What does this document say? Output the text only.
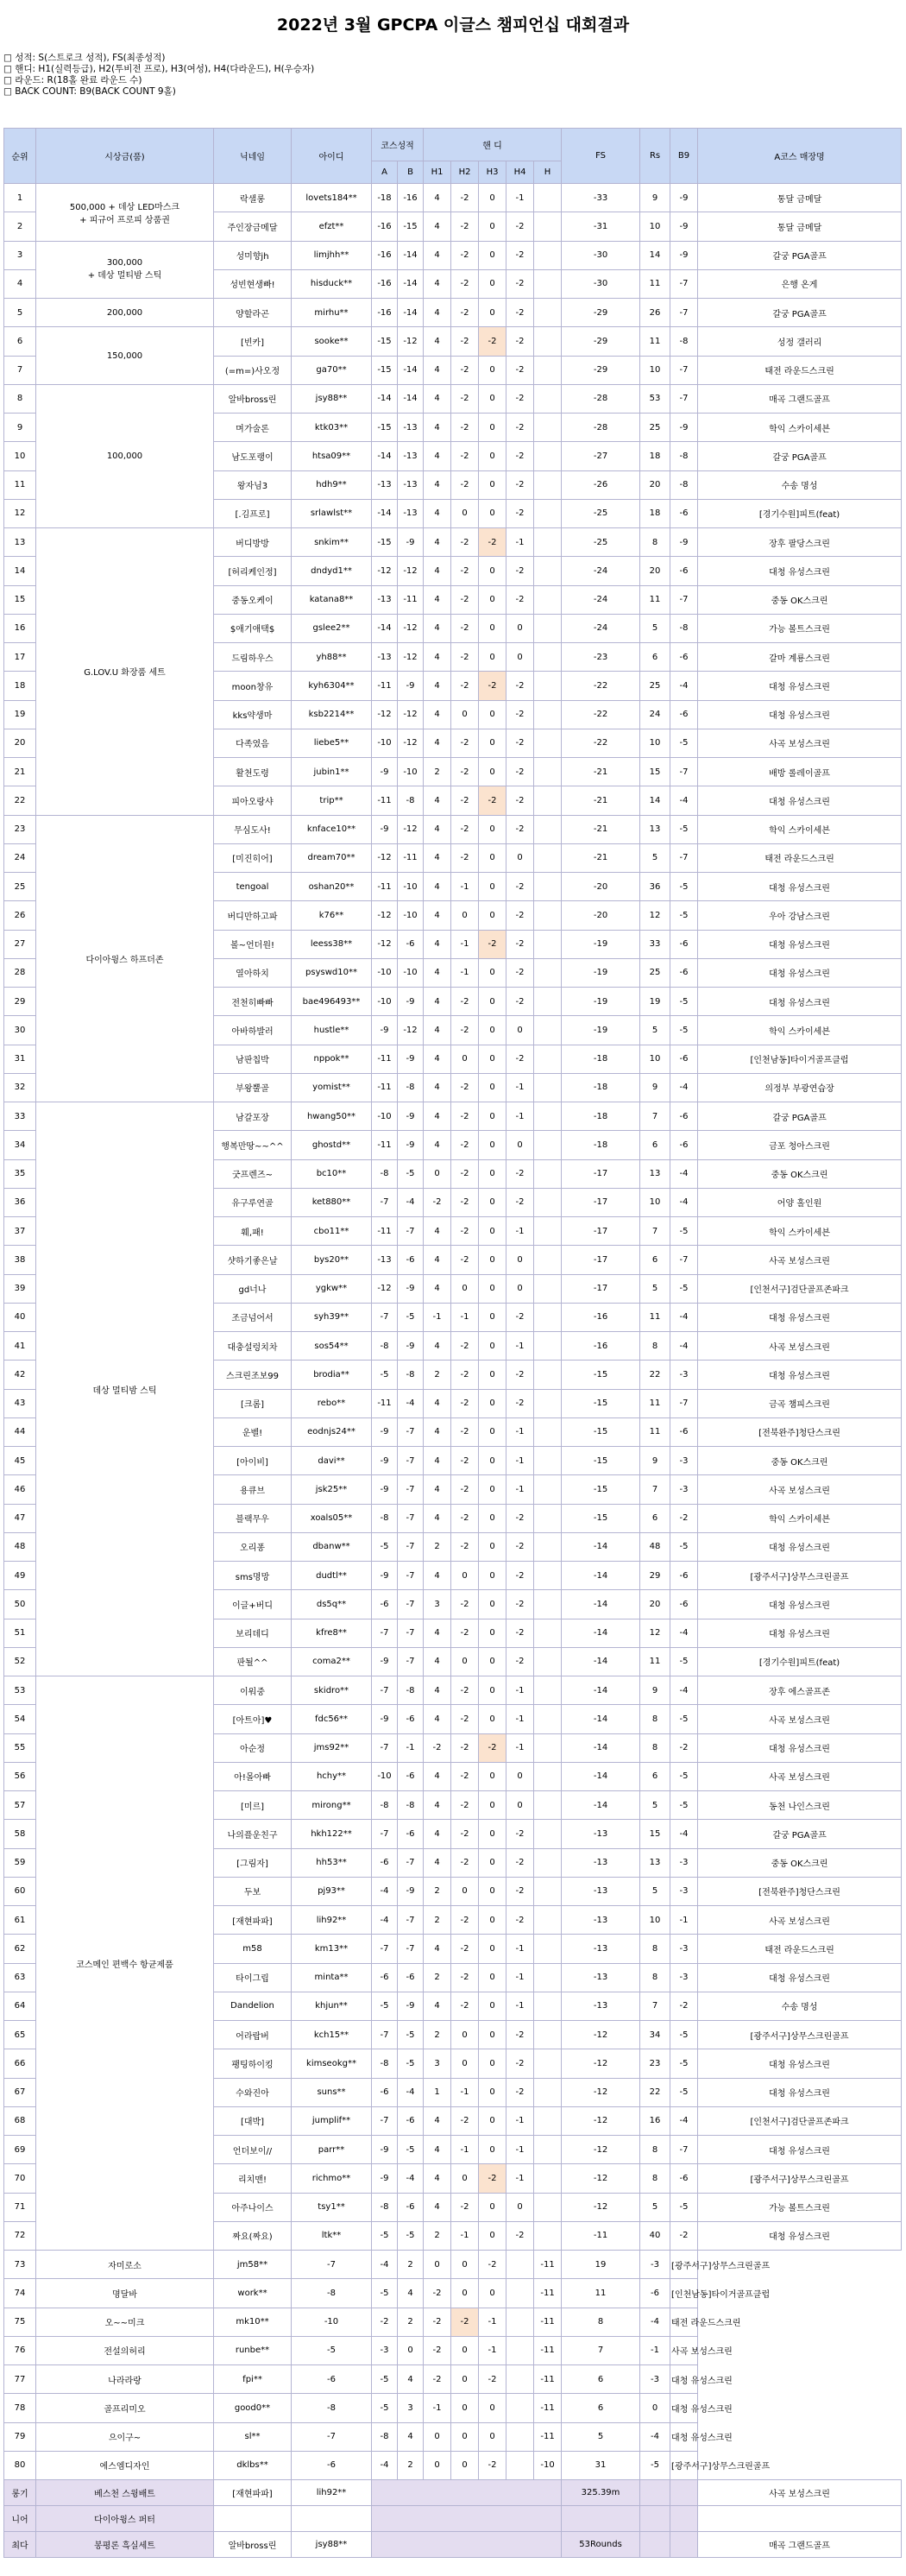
2022년 3월 GPCPA 이글스 챔피언십 대회결과
□ 성적: S(스트로크 성적), FS(최종성적)
□ 핸디: H1(실력등급), H2(투비전 프로), H3(여성), H4(다라운드), H(우승자)
□ 라운드: R(18홀 완료 라운드 수)
□ BACK COUNT: B9(BACK COUNT 9홀)
순위	시상금(품)	닉네임	아이디	코스성적		핸 디					FS	Rs	B9	A코스 매장명
				A	B	H1	H2	H3	H4	H				
1	500,000 + 데상 LED마스크
+ 피규어 프로피 상품권	락샐롱	lovets184**	-18	-16	4	-2	0	-1		-33	9	-9	통달 금메달
2		주인장금메달	efzt**	-16	-15	4	-2	0	-2		-31	10	-9	통달 금메달
3	300,000
+ 데상 멀티밤 스틱	성미향jh	limjhh**	-16	-14	4	-2	0	-2		-30	14	-9	갈궁 PGA골프
4		성빈현생빠!	hisduck**	-16	-14	4	-2	0	-2		-30	11	-7	은행 온게
5	200,000	양할라곤	mirhu**	-16	-14	4	-2	0	-2		-29	26	-7	갈궁 PGA골프
6	150,000	[빈카]	sooke**	-15	-12	4	-2	-2	-2		-29	11	-8	성정 갤러리
7		(=m=)사오정	ga70**	-15	-14	4	-2	0	-2		-29	10	-7	태전 라운드스크린
8	100,000	알바bross린	jsy88**	-14	-14	4	-2	0	-2		-28	53	-7	매곡 그랜드골프
9		며가술론	ktk03**	-15	-13	4	-2	0	-2		-28	25	-9	학익 스카이세븐
10		남도포랭이	htsa09**	-14	-13	4	-2	0	-2		-27	18	-8	갈궁 PGA골프
11		왕자님3	hdh9**	-13	-13	4	-2	0	-2		-26	20	-8	수송 명성
12		[.김프로]	srlawlst**	-14	-13	4	0	0	-2		-25	18	-6	[경기수원]피트(feat)
13	G.LOV.U 화장품 세트	버디방방	snkim**	-15	-9	4	-2	-2	-1		-25	8	-9	장후 팔당스크린
14		[허리케인정]	dndyd1**	-12	-12	4	-2	0	-2		-24	20	-6	대청 유성스크린
15		중동오케이	katana8**	-13	-11	4	-2	0	-2		-24	11	-7	중동 OK스크린
16		$애기애택$	gslee2**	-14	-12	4	-2	0	0		-24	5	-8	가능 볼트스크린
17		드림하우스	yh88**	-13	-12	4	-2	0	0		-23	6	-6	갈마 계룡스크린
18		moon창유	kyh6304**	-11	-9	4	-2	-2	-2		-22	25	-4	대청 유성스크린
19		kks약생마	ksb2214**	-12	-12	4	0	0	-2		-22	24	-6	대청 유성스크린
20		다족였음	liebe5**	-10	-12	4	-2	0	-2		-22	10	-5	사곡 보성스크린
21		활천도령	jubin1**	-9	-10	2	-2	0	-2		-21	15	-7	배방 롤레이골프
22		피아오랑샤	trip**	-11	-8	4	-2	-2	-2		-21	14	-4	대청 유성스크린
23	다이아윙스 하프더존	무심도사!	knface10**	-9	-12	4	-2	0	-2		-21	13	-5	학익 스카이세븐
24		[미진히어]	dream70**	-12	-11	4	-2	0	0		-21	5	-7	태전 라운드스크린
25		tengoal	oshan20**	-11	-10	4	-1	0	-2		-20	36	-5	대청 유성스크린
26		버디만하고파	k76**	-12	-10	4	0	0	-2		-20	12	-5	우아 강남스크린
27		볼~언더원!	leess38**	-12	-6	4	-1	-2	-2		-19	33	-6	대청 유성스크린
28		열아하치	psyswd10**	-10	-10	4	-1	0	-2		-19	25	-6	대청 유성스크린
29		전천히빠빠	bae496493**	-10	-9	4	-2	0	-2		-19	19	-5	대청 유성스크린
30		아바하발러	hustle**	-9	-12	4	-2	0	0		-19	5	-5	학익 스카이세븐
31		남판칩박	nppok**	-11	-9	4	0	0	-2		-18	10	-6	[인천남동]타이거골프클럽
32		부왕뿔골	yomist**	-11	-8	4	-2	0	-1		-18	9	-4	의정부 부광연습장
33	데상 멀티밤 스틱	남갈포장	hwang50**	-10	-9	4	-2	0	-1		-18	7	-6	갈궁 PGA골프
34		행복만땅~~^^	ghostd**	-11	-9	4	-2	0	0		-18	6	-6	금포 청아스크린
35		굿프렌즈~	bc10**	-8	-5	0	-2	0	-2		-17	13	-4	중동 OK스크린
36		유구루연골	ket880**	-7	-4	-2	-2	0	-2		-17	10	-4	어양 홀인원
37		훼,패!	cbo11**	-11	-7	4	-2	0	-1		-17	7	-5	학익 스카이세븐
38		샷하기좋은날	bys20**	-13	-6	4	-2	0	0		-17	6	-7	사곡 보성스크린
39		gd너나	ygkw**	-12	-9	4	0	0	0		-17	5	-5	[인천서구]검단골프존파크
40		조금넘어서	syh39**	-7	-5	-1	-1	0	-2		-16	11	-4	대청 유성스크린
41		대충설렁치차	sos54**	-8	-9	4	-2	0	-1		-16	8	-4	사곡 보성스크린
42		스크린조보99	brodia**	-5	-8	2	-2	0	-2		-15	22	-3	대청 유성스크린
43		[크롬]	rebo**	-11	-4	4	-2	0	-2		-15	11	-7	금곡 챔피스크린
44		운벨!	eodnjs24**	-9	-7	4	-2	0	-1		-15	11	-6	[전북완주]청단스크린
45		[아이비]	davi**	-9	-7	4	-2	0	-1		-15	9	-3	중동 OK스크린
46		용큐브	jsk25**	-9	-7	4	-2	0	-1		-15	7	-3	사곡 보성스크린
47		블랙무우	xoals05**	-8	-7	4	-2	0	-2		-15	6	-2	학익 스카이세븐
48		오리퐁	dbanw**	-5	-7	2	-2	0	-2		-14	48	-5	대청 유성스크린
49		sms명망	dudtl**	-9	-7	4	0	0	-2		-14	29	-6	[광주서구]상무스크린골프
50		이글+버디	ds5q**	-6	-7	3	-2	0	-2		-14	20	-6	대청 유성스크린
51		보리데디	kfre8**	-7	-7	4	-2	0	-2		-14	12	-4	대청 유성스크린
52		판될^^	coma2**	-9	-7	4	0	0	-2		-14	11	-5	[경기수원]피트(feat)
53	코스메인 편백수 항균제품	이워중	skidro**	-7	-8	4	-2	0	-1		-14	9	-4	장후 에스골프존
54		[아트아]♥	fdc56**	-9	-6	4	-2	0	-1		-14	8	-5	사곡 보성스크린
55		아순정	jms92**	-7	-1	-2	-2	-2	-1		-14	8	-2	대청 유성스크린
56		아!몰아빠	hchy**	-10	-6	4	-2	0	0		-14	6	-5	사곡 보성스크린
57		[미르]	mirong**	-8	-8	4	-2	0	0		-14	5	-5	동천 나인스크린
58		나의플운친구	hkh122**	-7	-6	4	-2	0	-2		-13	15	-4	갈궁 PGA골프
59		[그림자]	hh53**	-6	-7	4	-2	0	-2		-13	13	-3	중동 OK스크린
60		두보	pj93**	-4	-9	2	0	0	-2		-13	5	-3	[전북완주]청단스크린
61		[재현파파]	lih92**	-4	-7	2	-2	0	-2		-13	10	-1	사곡 보성스크린
62		m58	km13**	-7	-7	4	-2	0	-1		-13	8	-3	태전 라운드스크린
63		타이그립	minta**	-6	-6	2	-2	0	-1		-13	8	-3	대청 유성스크린
64		Dandelion	khjun**	-5	-9	4	-2	0	-1		-13	7	-2	수송 명성
65		어라랍버	kch15**	-7	-5	2	0	0	-2		-12	34	-5	[광주서구]상무스크린골프
66		팽팅하이킹	kimseokg**	-8	-5	3	0	0	-2		-12	23	-5	대청 유성스크린
67		수와진아	suns**	-6	-4	1	-1	0	-2		-12	22	-5	대청 유성스크린
68		[대박]	jumplif**	-7	-6	4	-2	0	-1		-12	16	-4	[인천서구]검단골프존파크
69		언더보이//	parr**	-9	-5	4	-1	0	-1		-12	8	-7	대청 유성스크린
70		리치맨!	richmo**	-9	-4	4	0	-2	-1		-12	8	-6	[광주서구]상무스크린골프
71		아주나이스	tsy1**	-8	-6	4	-2	0	0		-12	5	-5	가능 볼트스크린
72		짜요(짜요)	ltk**	-5	-5	2	-1	0	-2		-11	40	-2	대청 유성스크린
73	자미로소	jm58**	-7	-4	2	0	0	-2		-11	19	-3	[광주서구]상무스크린골프	
74	명달바	work**	-8	-5	4	-2	0	0		-11	11	-6	[인천남동]타이거골프클럽	
75	오~~미크	mk10**	-10	-2	2	-2	-2	-1		-11	8	-4	태전 라운드스크린	
76	전설의허리	runbe**	-5	-3	0	-2	0	-1		-11	7	-1	사곡 보성스크린	
77	나라라랑	fpi**	-6	-5	4	-2	0	-2		-11	6	-3	대청 유성스크린	
78	골프리미오	good0**	-8	-5	3	-1	0	0		-11	6	0	대청 유성스크린	
79	으이구~	sl**	-7	-8	4	0	0	0		-11	5	-4	대청 유성스크린	
80	에스엠디자인	dklbs**	-6	-4	2	0	0	-2		-10	31	-5	[광주서구]상무스크린골프	
롱기	베스천 스윙배트	[재현파파]	lih92**								325.39m			사곡 보성스크린
니어	다이아윙스 퍼터													
최다	봉평론 흑실세트	알바bross린	jsy88**								53Rounds			매곡 그랜드골프
